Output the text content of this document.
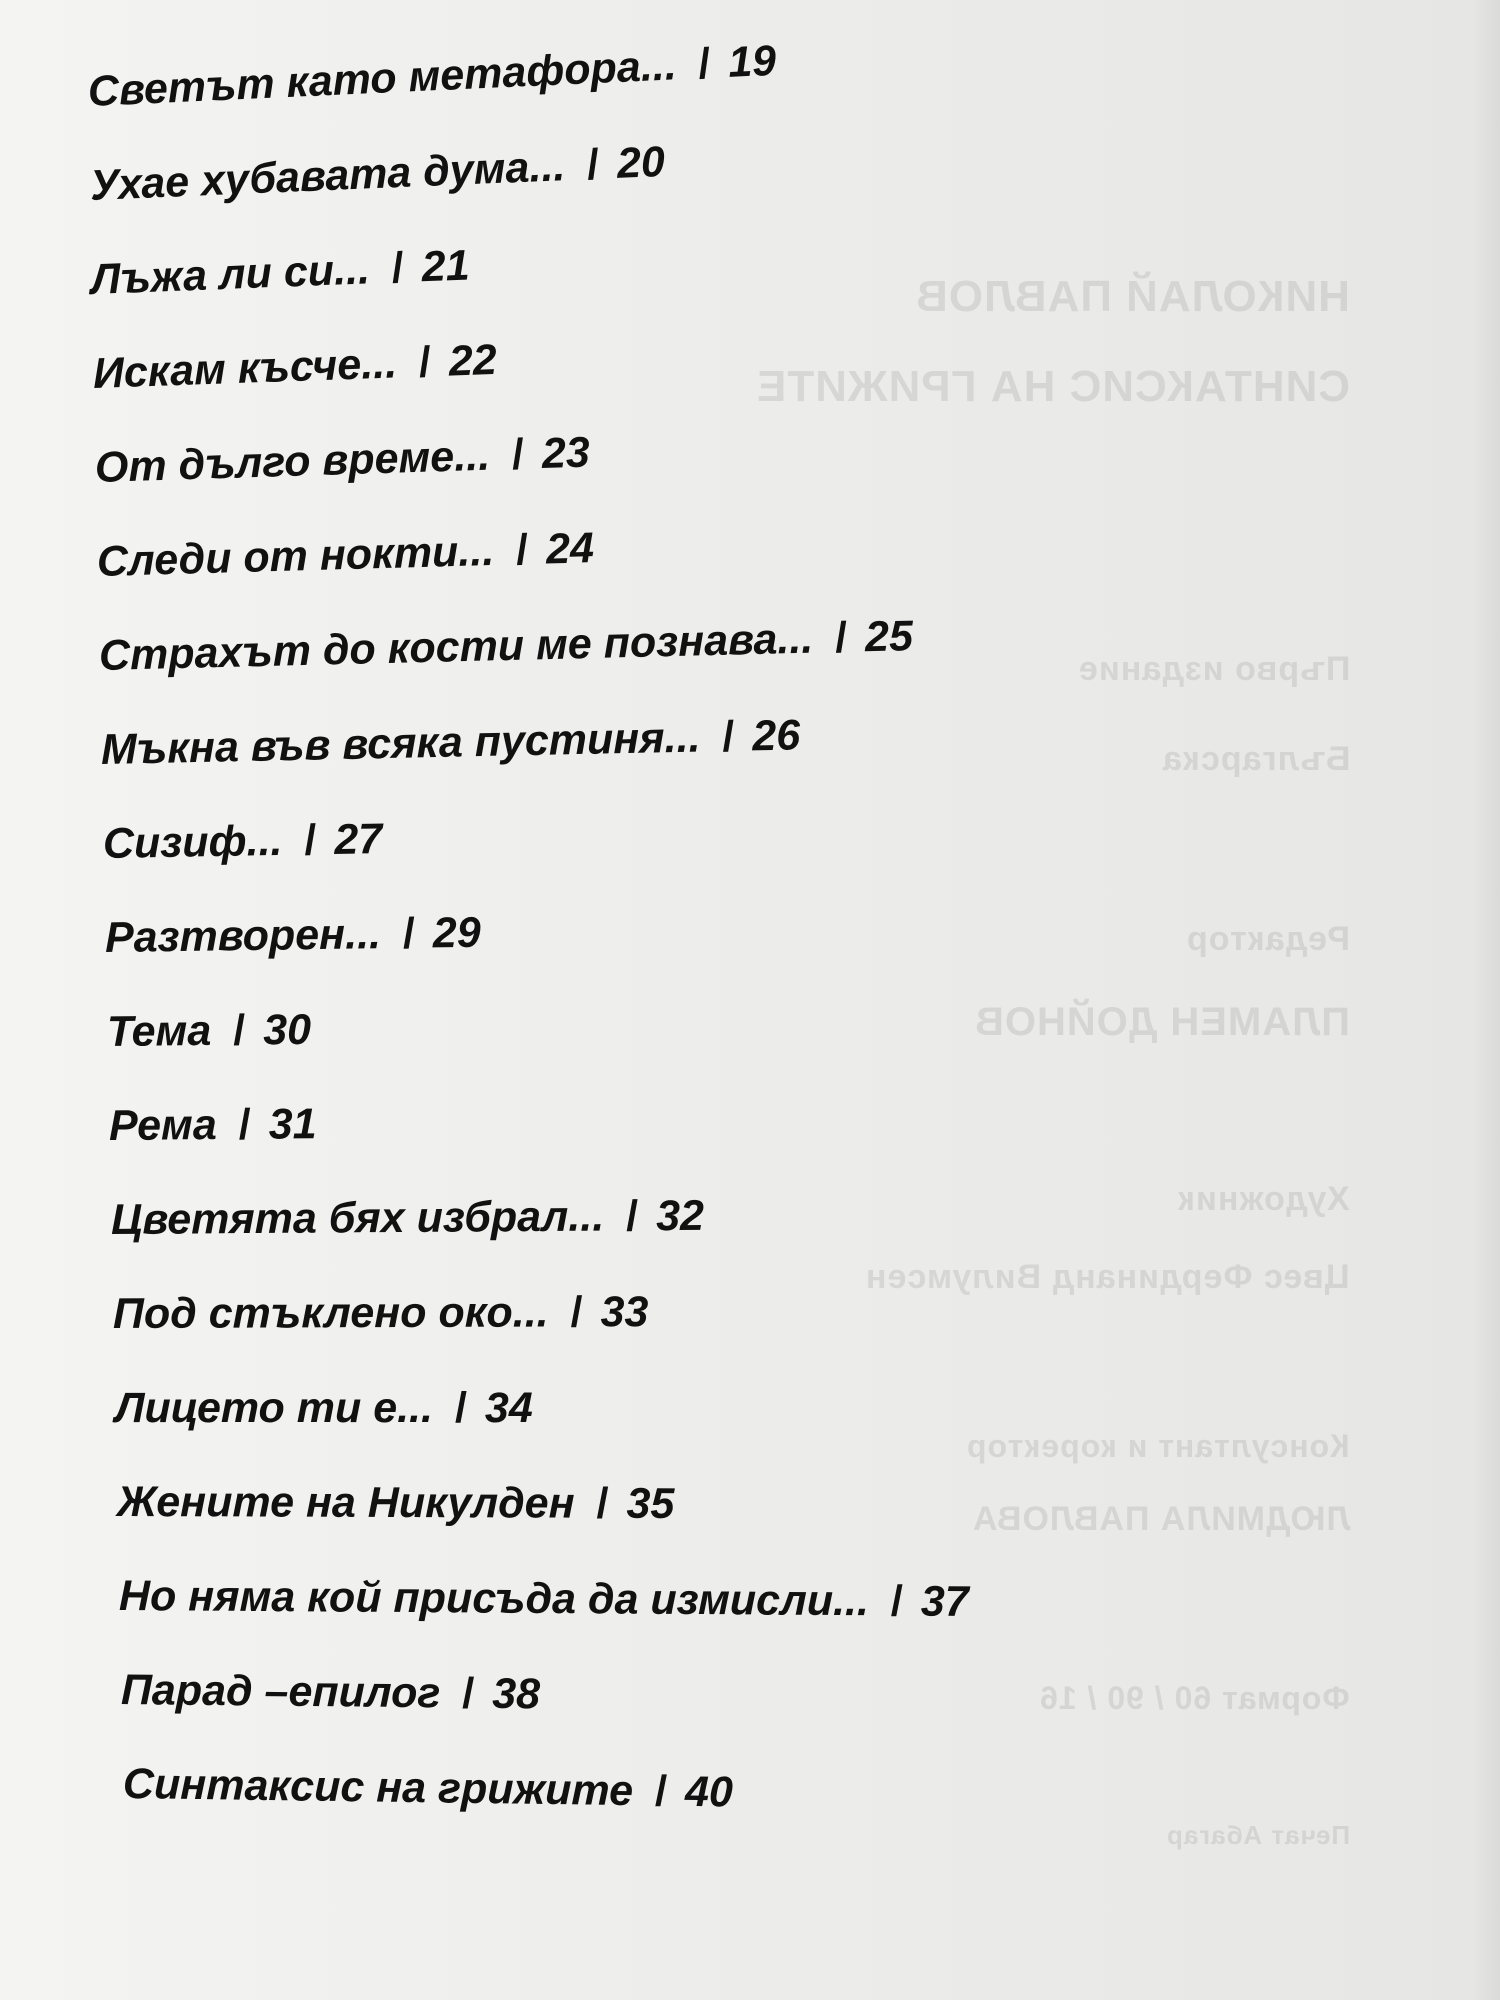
НИКОЛАЙ ПАВЛОВ
СИНТАКСИС НА ГРИЖИТЕ
Първо издание
Българска
Редактор
ПЛАМЕН ДОЙНОВ
Художник
Цвес Фердинанд Вилумсен
Консултант и коректор
ЛЮДМИЛА ПАВЛОВА
Формат 60 / 90 / 16
Печат Абагар
Светът като метафора... / 19
Ухае хубавата дума... / 20
Лъжа ли си... / 21
Искам късче... / 22
От дълго време... / 23
Следи от нокти... / 24
Страхът до кости ме познава... / 25
Мъкна във всяка пустиня... / 26
Сизиф... / 27
Разтворен... / 29
Тема / 30
Рема / 31
Цветята бях избрал... / 32
Под стъклено око... / 33
Лицето ти е... / 34
Жените на Никулден / 35
Но няма кой присъда да измисли... / 37
Парад –епилог / 38
Синтаксис на грижите / 40
